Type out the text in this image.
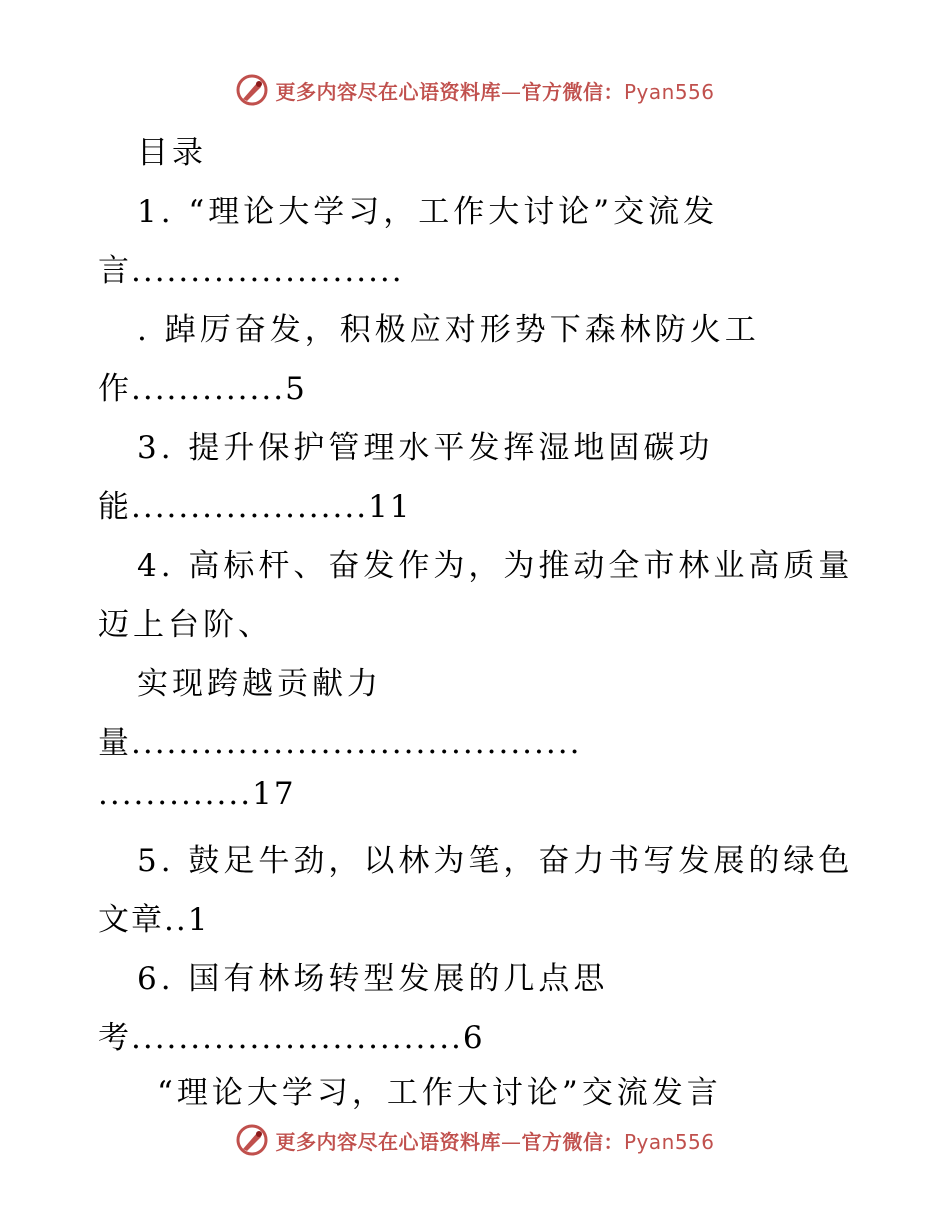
更多内容尽在心语资料库—官方微信：Pyan556
目录
1. “理论大学习，工作大讨论”交流发
言.......................
. 踔厉奋发，积极应对形势下森林防火工
作.............5
3. 提升保护管理水平发挥湿地固碳功
能....................11
4. 高标杆、奋发作为，为推动全市林业高质量
迈上台阶、
实现跨越贡献力
量......................................
.............17
5. 鼓足牛劲，以林为笔，奋力书写发展的绿色
文章..1
6. 国有林场转型发展的几点思
考............................6
“理论大学习，工作大讨论”交流发言
更多内容尽在心语资料库—官方微信：Pyan556
